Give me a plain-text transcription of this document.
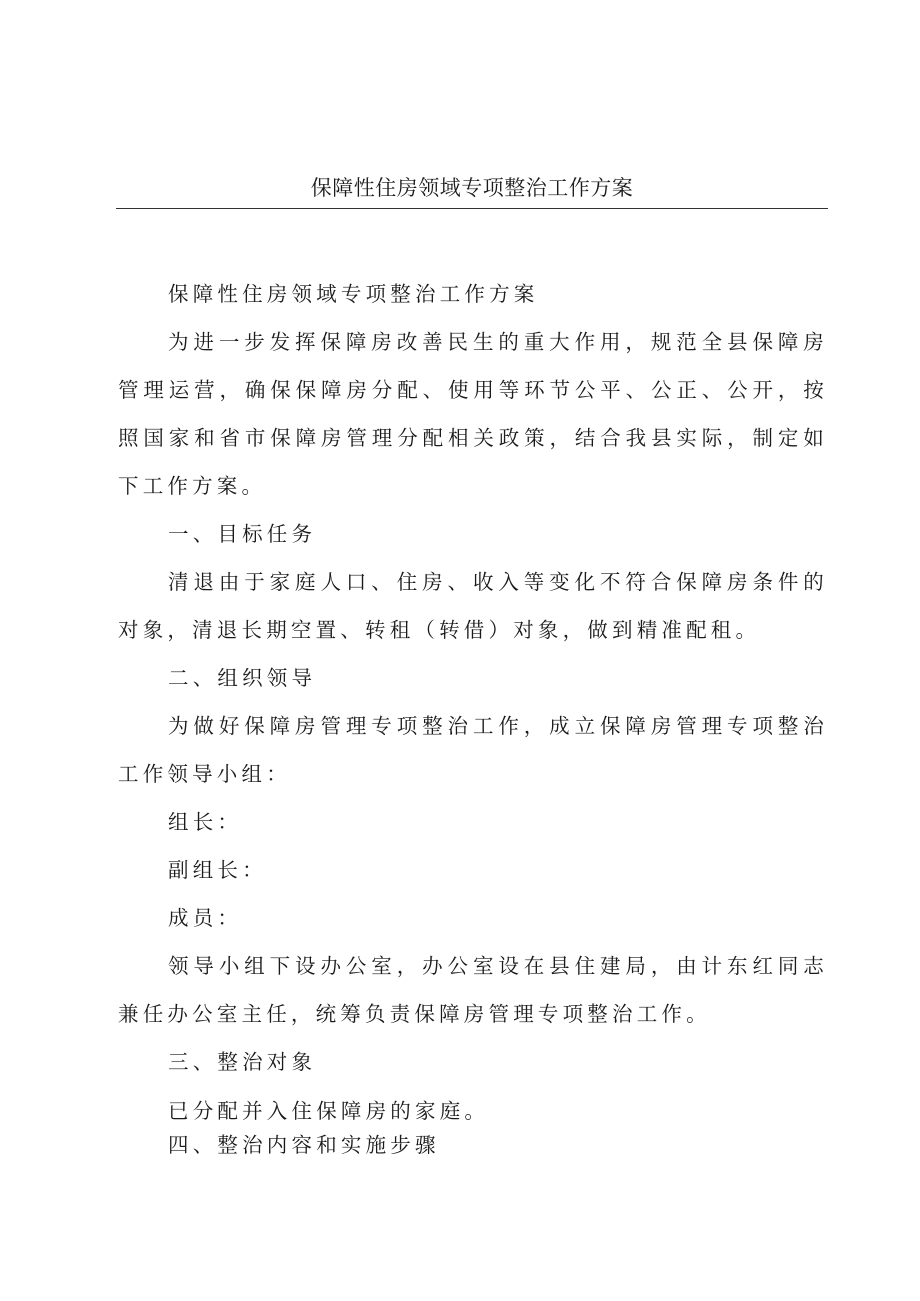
保障性住房领域专项整治工作方案

保障性住房领域专项整治工作方案

为进一步发挥保障房改善民生的重大作用，规范全县保障房管理运营，确保保障房分配、使用等环节公平、公正、公开，按照国家和省市保障房管理分配相关政策，结合我县实际，制定如下工作方案。

一、目标任务

清退由于家庭人口、住房、收入等变化不符合保障房条件的对象，清退长期空置、转租（转借）对象，做到精准配租。

二、组织领导

为做好保障房管理专项整治工作，成立保障房管理专项整治工作领导小组：

组长：

副组长：

成员：

领导小组下设办公室，办公室设在县住建局，由计东红同志兼任办公室主任，统筹负责保障房管理专项整治工作。

三、整治对象

已分配并入住保障房的家庭。

四、整治内容和实施步骤
